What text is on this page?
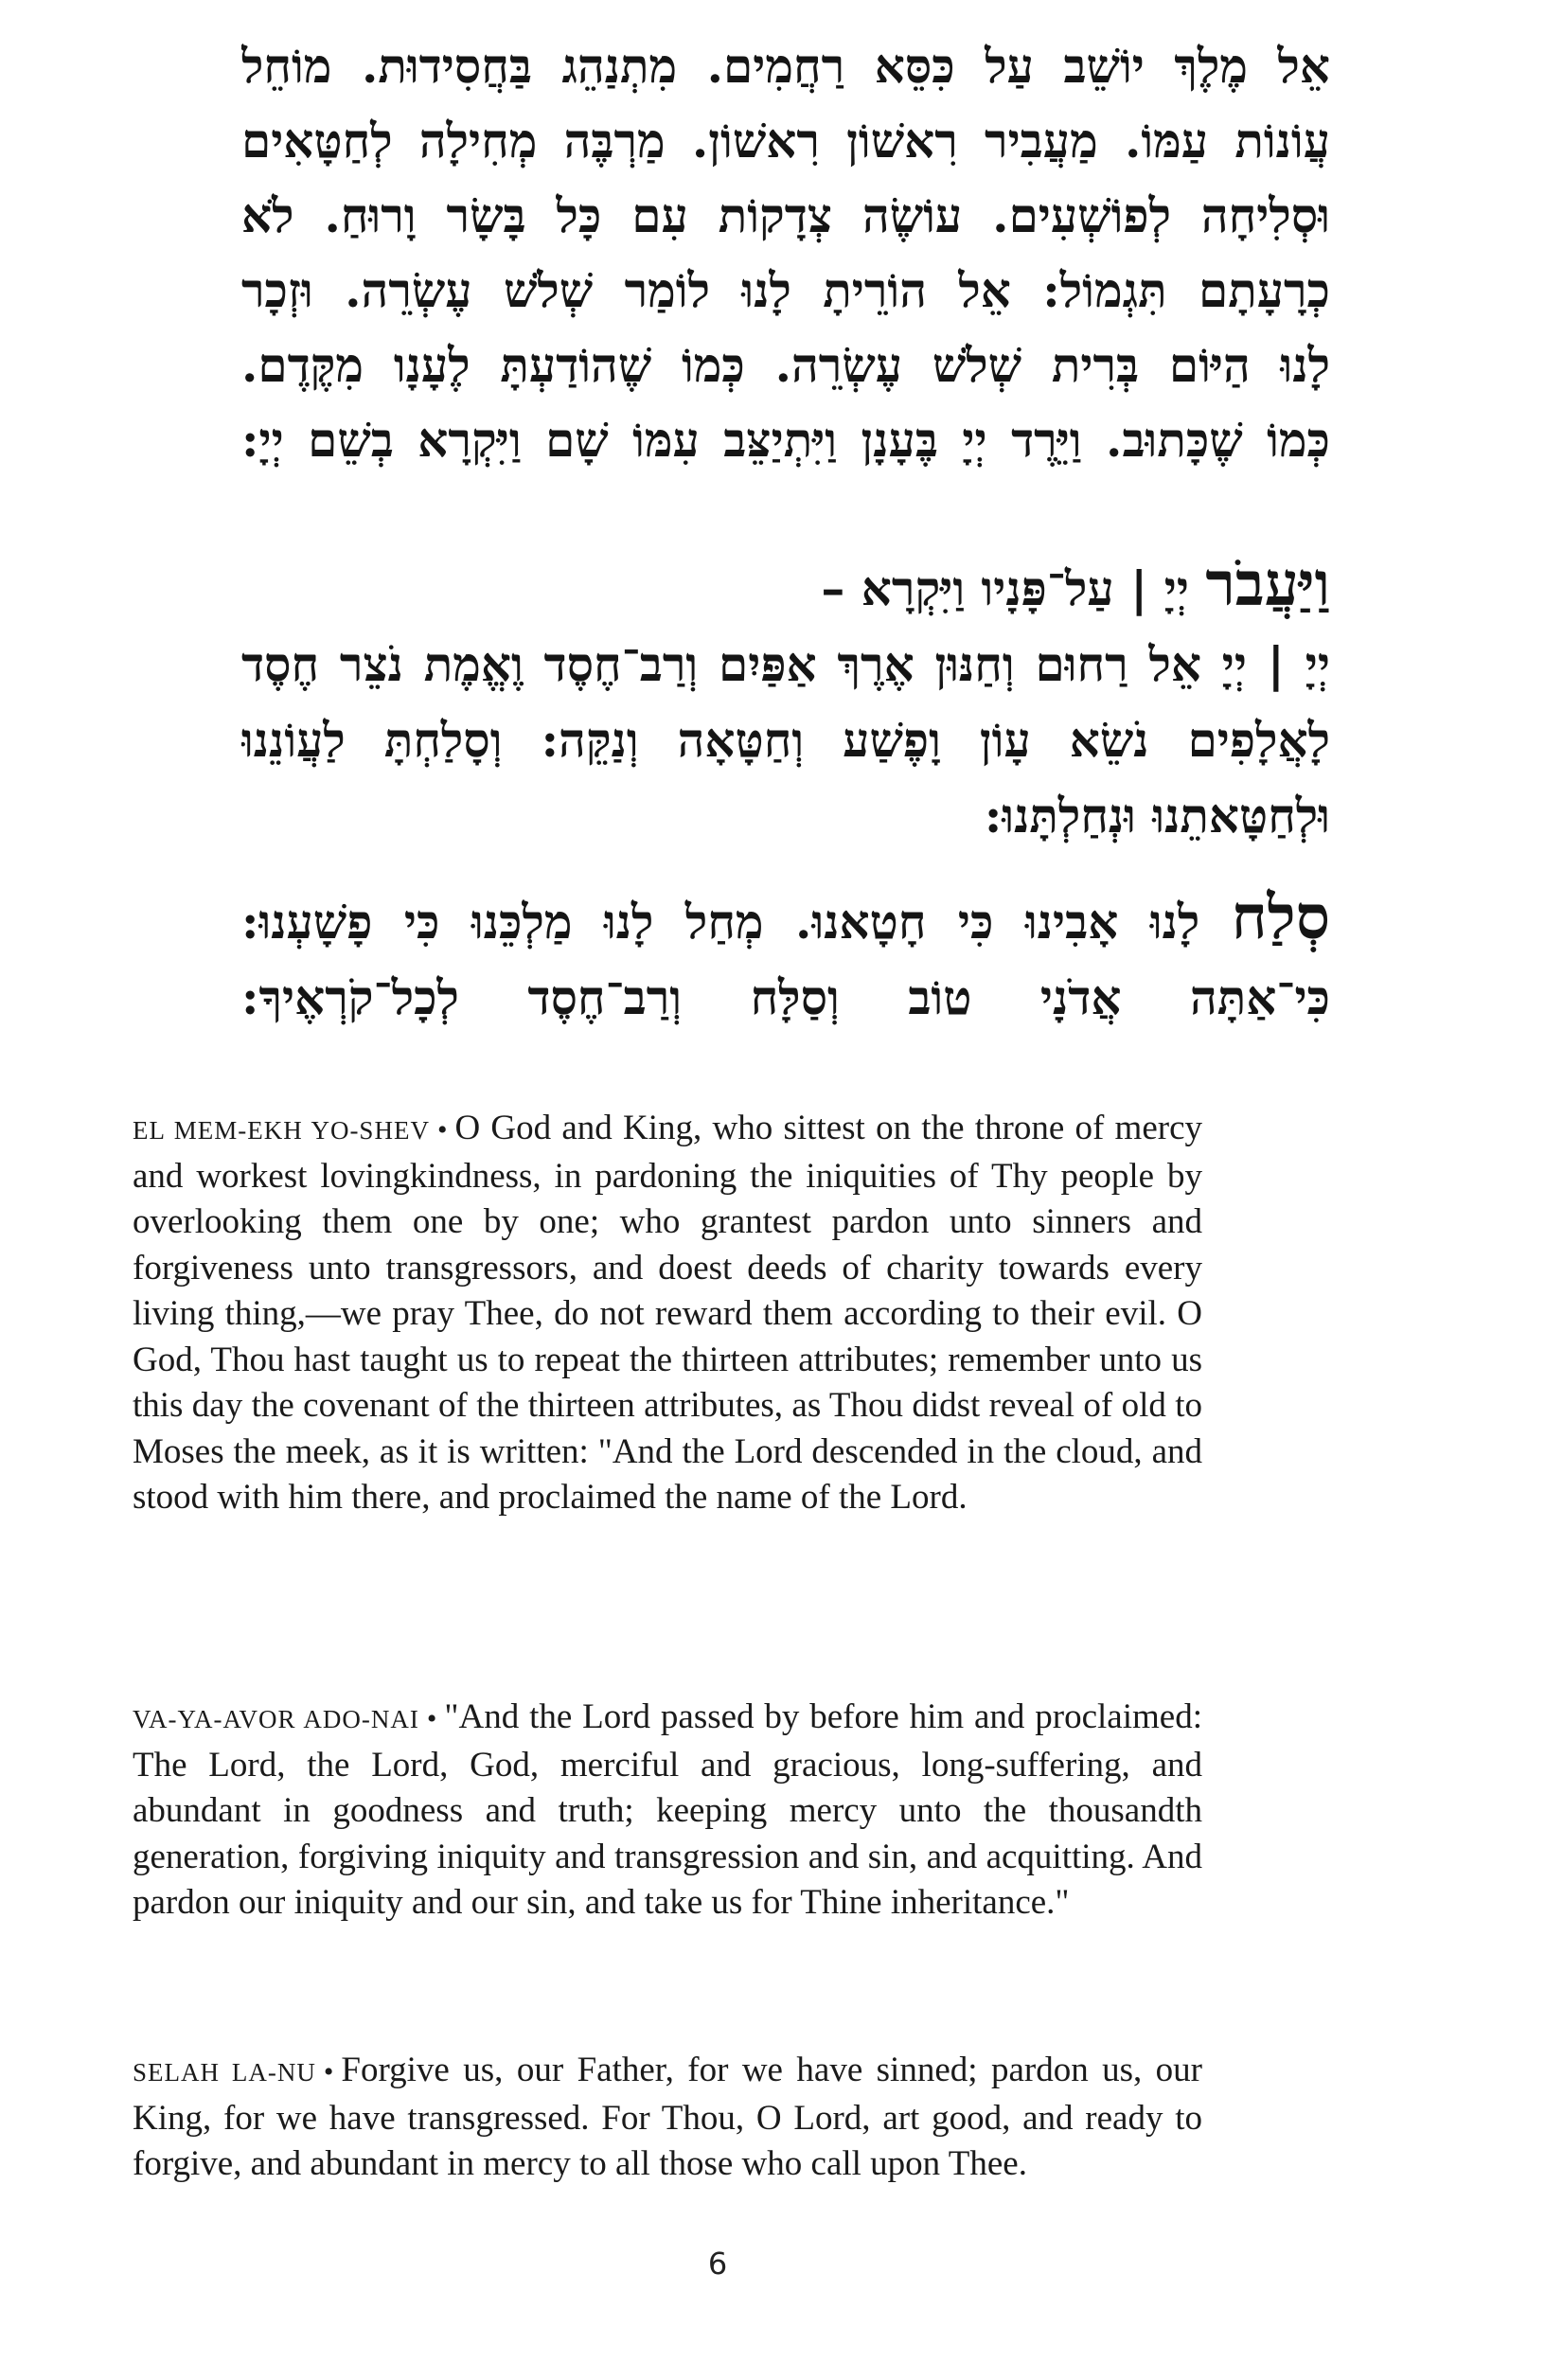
אֵל מֶלֶךְ יוֹשֵׁב עַל כִּסֵּא רַחֲמִים. מִתְנַהֵג בַּחֲסִידוּת. מוֹחֵל
עֲוֹנוֹת עַמּוֹ. מַעֲבִיר רִאשׁוֹן רִאשׁוֹן. מַרְבֶּה מְחִילָה לְחַטָּאִים
וּסְלִיחָה לְפוֹשְׁעִים. עוֹשֶׂה צְדָקוֹת עִם כָּל בָּשָׂר וָרוּחַ. לֹא
כְרָעָתָם תִּגְמוֹל: אֵל הוֹרֵיתָ לָנוּ לוֹמַר שְׁלֹשׁ עֶשְׂרֵה. וּזְכָר
לָנוּ הַיּוֹם בְּרִית שְׁלֹשׁ עֶשְׂרֵה. כְּמוֹ שֶׁהוֹדַעְתָּ לֶעָנָו מִקֶּדֶם.
כְּמוֹ שֶׁכָּתוּב. וַיֵּרֶד יְיָ בֶּעָנָן וַיִּתְיַצֵּב עִמּוֹ שָׁם וַיִּקְרָא בְשֵׁם יְיָ:
וַיַּעֲבֹר יְיָ | עַל־פָּנָיו וַיִּקְרָא –
יְיָ | יְיָ אֵל רַחוּם וְחַנּוּן אֶרֶךְ אַפַּיִם וְרַב־חֶסֶד וֶאֱמֶת נֹצֵר חֶסֶד
לָאֲלָפִים נֹשֵׂא עָוֹן וָפֶשַׁע וְחַטָּאָה וְנַקֵּה: וְסָלַחְתָּ לַעֲוֹנֵנוּ
וּלְחַטָּאתֵנוּ וּנְחַלְתָּנוּ:
סְלַח לָנוּ אָבִינוּ כִּי חָטָאנוּ. מְחַל לָנוּ מַלְכֵּנוּ כִּי פָשָׁעְנוּ:
כִּי־אַתָּה אֲדֹנָי טוֹב וְסַלָּח וְרַב־חֶסֶד לְכָל־קֹרְאֶיךָ:
EL MEM-EKH YO-SHEV • O God and King, who sittest on the throne of mercy and workest lovingkindness, in pardoning the iniquities of Thy people by overlooking them one by one; who grantest pardon unto sinners and forgiveness unto transgressors, and doest deeds of charity towards every living thing,—we pray Thee, do not reward them according to their evil. O God, Thou hast taught us to repeat the thirteen attributes; remember unto us this day the covenant of the thirteen attributes, as Thou didst reveal of old to Moses the meek, as it is written: "And the Lord descended in the cloud, and stood with him there, and proclaimed the name of the Lord.
VA-YA-AVOR ADO-NAI • "And the Lord passed by before him and proclaimed: The Lord, the Lord, God, merciful and gracious, long-suffering, and abundant in goodness and truth; keeping mercy unto the thousandth generation, forgiving iniquity and transgression and sin, and acquitting. And pardon our iniquity and our sin, and take us for Thine inheritance."
SELAH LA-NU • Forgive us, our Father, for we have sinned; pardon us, our King, for we have transgressed. For Thou, O Lord, art good, and ready to forgive, and abundant in mercy to all those who call upon Thee.
6
